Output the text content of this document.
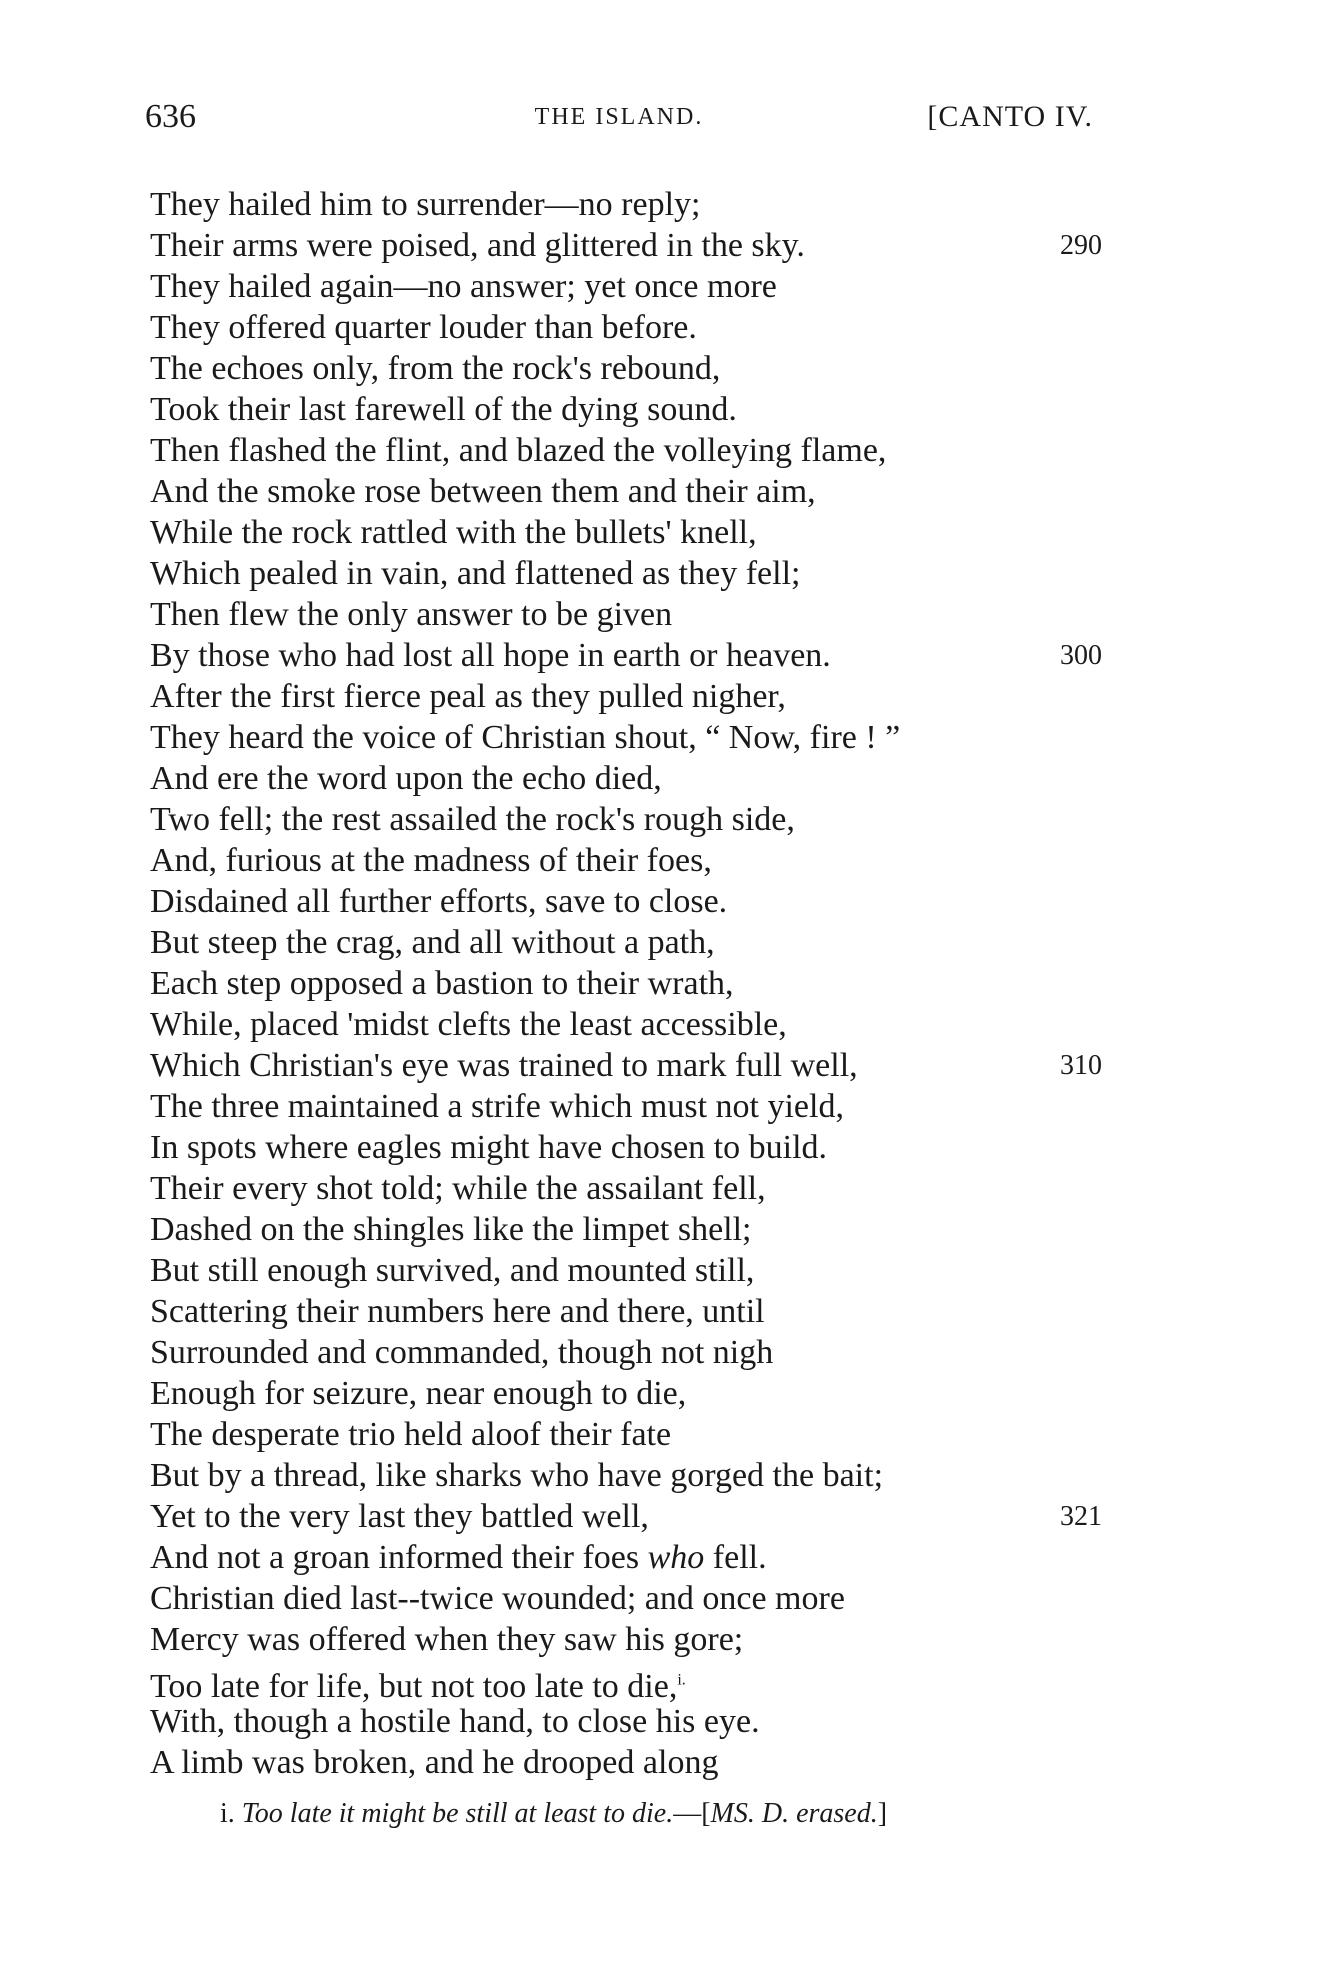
636	THE ISLAND.	[CANTO IV.
They hailed him to surrender—no reply;
Their arms were poised, and glittered in the sky.	290
They hailed again—no answer; yet once more
They offered quarter louder than before.
The echoes only, from the rock's rebound,
Took their last farewell of the dying sound.
Then flashed the flint, and blazed the volleying flame,
And the smoke rose between them and their aim,
While the rock rattled with the bullets' knell,
Which pealed in vain, and flattened as they fell;
Then flew the only answer to be given
By those who had lost all hope in earth or heaven.	300
After the first fierce peal as they pulled nigher,
They heard the voice of Christian shout, “ Now, fire ! ”
And ere the word upon the echo died,
Two fell; the rest assailed the rock's rough side,
And, furious at the madness of their foes,
Disdained all further efforts, save to close.
But steep the crag, and all without a path,
Each step opposed a bastion to their wrath,
While, placed 'midst clefts the least accessible,
Which Christian's eye was trained to mark full well,	310
The three maintained a strife which must not yield,
In spots where eagles might have chosen to build.
Their every shot told; while the assailant fell,
Dashed on the shingles like the limpet shell;
But still enough survived, and mounted still,
Scattering their numbers here and there, until
Surrounded and commanded, though not nigh
Enough for seizure, near enough to die,
The desperate trio held aloof their fate
But by a thread, like sharks who have gorged the bait;
Yet to the very last they battled well,	321
And not a groan informed their foes who fell.
Christian died last--twice wounded; and once more
Mercy was offered when they saw his gore;
Too late for life, but not too late to die,$^{i.}$
With, though a hostile hand, to close his eye.
A limb was broken, and he drooped along
i. Too late it might be still at least to die.—[MS. D. erased.]
